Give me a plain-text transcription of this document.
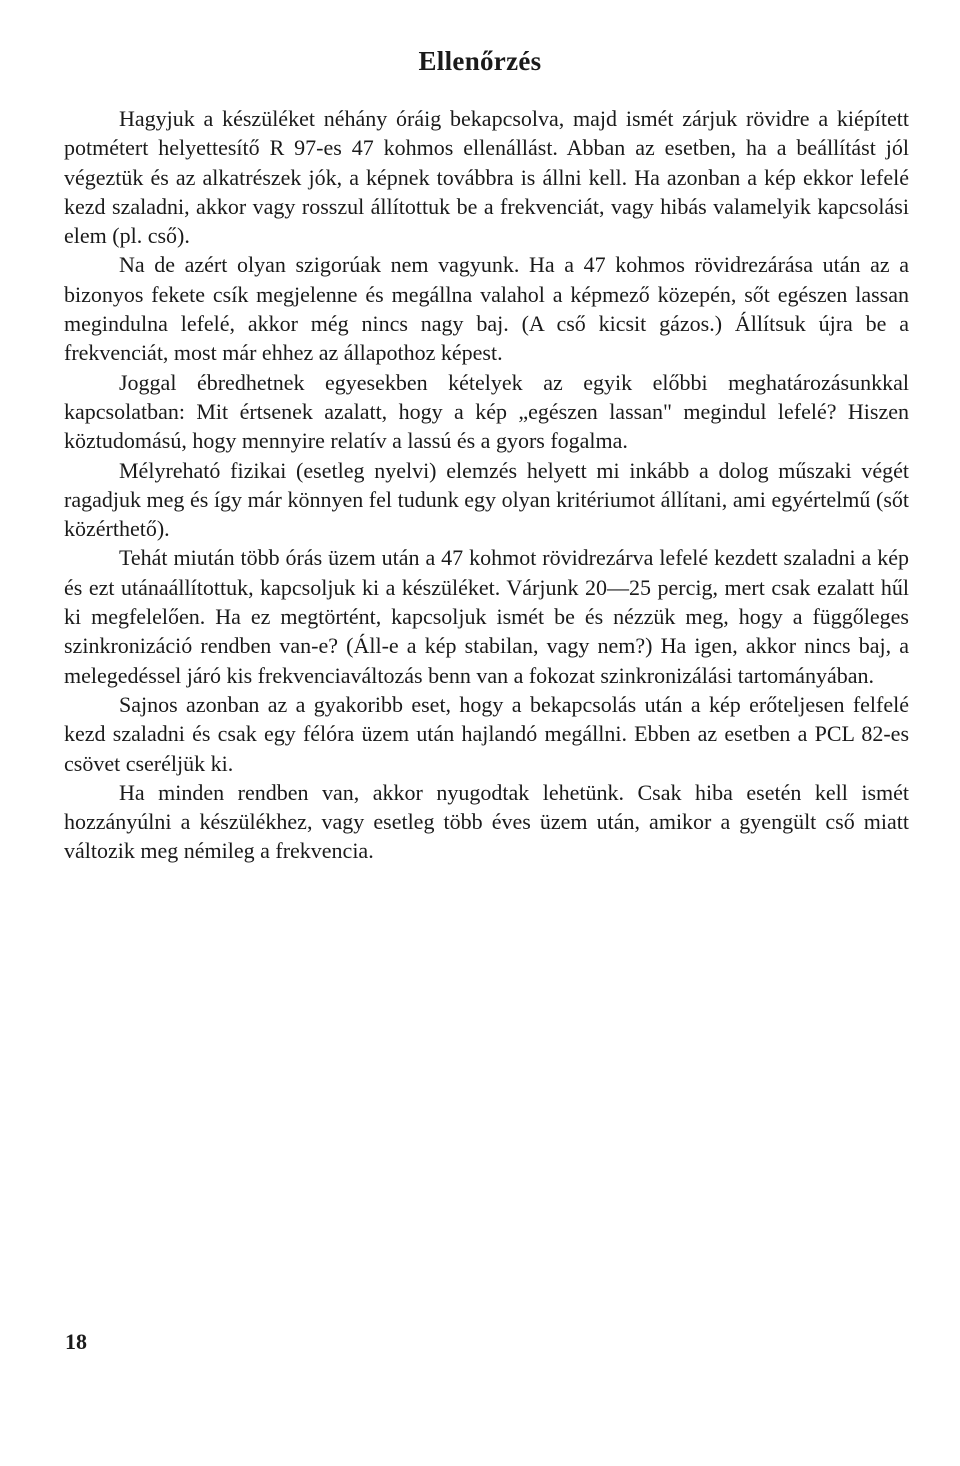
Ellenőrzés

Hagyjuk a készüléket néhány óráig bekapcsolva, majd ismét zárjuk rövidre a kiépített potmétert helyettesítő R 97-es 47 kohmos ellenállást. Abban az esetben, ha a beállítást jól végeztük és az alkatrészek jók, a képnek továbbra is állni kell. Ha azonban a kép ekkor lefelé kezd szaladni, akkor vagy rosszul állítottuk be a frekvenciát, vagy hibás valamelyik kapcsolási elem (pl. cső).

Na de azért olyan szigorúak nem vagyunk. Ha a 47 kohmos rövidrezárása után az a bizonyos fekete csík megjelenne és megállna valahol a képmező közepén, sőt egészen lassan megindulna lefelé, akkor még nincs nagy baj. (A cső kicsit gázos.) Állítsuk újra be a frekvenciát, most már ehhez az állapothoz képest.

Joggal ébredhetnek egyesekben kételyek az egyik előbbi meghatározásunkkal kapcsolatban: Mit értsenek azalatt, hogy a kép „egészen lassan" megindul lefelé? Hiszen köztudomású, hogy mennyire relatív a lassú és a gyors fogalma.

Mélyreható fizikai (esetleg nyelvi) elemzés helyett mi inkább a dolog műszaki végét ragadjuk meg és így már könnyen fel tudunk egy olyan kritériumot állítani, ami egyértelmű (sőt közérthető).

Tehát miután több órás üzem után a 47 kohmot rövidrezárva lefelé kezdett szaladni a kép és ezt utánaállítottuk, kapcsoljuk ki a készüléket. Várjunk 20—25 percig, mert csak ezalatt hűl ki megfelelően. Ha ez megtörtént, kapcsoljuk ismét be és nézzük meg, hogy a függőleges szinkronizáció rendben van-e? (Áll-e a kép stabilan, vagy nem?) Ha igen, akkor nincs baj, a melegedéssel járó kis frekvenciaváltozás benn van a fokozat szinkronizálási tartományában.

Sajnos azonban az a gyakoribb eset, hogy a bekapcsolás után a kép erőteljesen felfelé kezd szaladni és csak egy félóra üzem után hajlandó megállni. Ebben az esetben a PCL 82-es csövet cseréljük ki.

Ha minden rendben van, akkor nyugodtak lehetünk. Csak hiba esetén kell ismét hozzányúlni a készülékhez, vagy esetleg több éves üzem után, amikor a gyengült cső miatt változik meg némileg a frekvencia.

18
